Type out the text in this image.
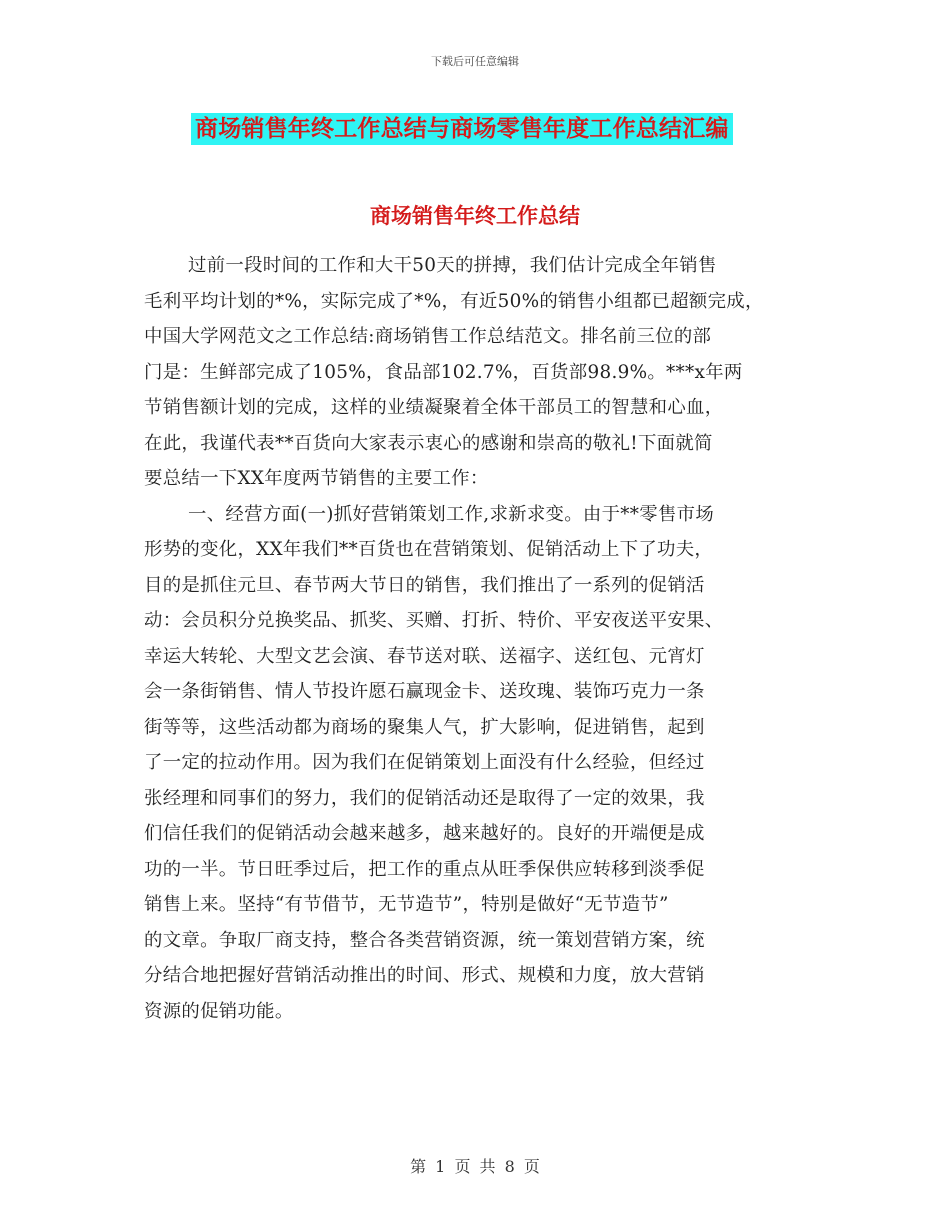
下载后可任意编辑
商场销售年终工作总结与商场零售年度工作总结汇编
商场销售年终工作总结
过前一段时间的工作和大干50天的拼搏，我们估计完成全年销售
毛利平均计划的*%，实际完成了*%，有近50%的销售小组都已超额完成，
中国大学网范文之工作总结:商场销售工作总结范文。排名前三位的部
门是：生鲜部完成了105%，食品部102.7%，百货部98.9%。***x年两
节销售额计划的完成，这样的业绩凝聚着全体干部员工的智慧和心血，
在此，我谨代表**百货向大家表示衷心的感谢和崇高的敬礼!下面就简
要总结一下XX年度两节销售的主要工作：
一、经营方面(一)抓好营销策划工作,求新求变。由于**零售市场
形势的变化，XX年我们**百货也在营销策划、促销活动上下了功夫，
目的是抓住元旦、春节两大节日的销售，我们推出了一系列的促销活
动：会员积分兑换奖品、抓奖、买赠、打折、特价、平安夜送平安果、
幸运大转轮、大型文艺会演、春节送对联、送福字、送红包、元宵灯
会一条街销售、情人节投许愿石赢现金卡、送玫瑰、装饰巧克力一条
街等等，这些活动都为商场的聚集人气，扩大影响，促进销售，起到
了一定的拉动作用。因为我们在促销策划上面没有什么经验，但经过
张经理和同事们的努力，我们的促销活动还是取得了一定的效果，我
们信任我们的促销活动会越来越多，越来越好的。良好的开端便是成
功的一半。节日旺季过后，把工作的重点从旺季保供应转移到淡季促
销售上来。坚持“有节借节，无节造节”，特别是做好“无节造节”
的文章。争取厂商支持，整合各类营销资源，统一策划营销方案，统
分结合地把握好营销活动推出的时间、形式、规模和力度，放大营销
资源的促销功能。
第 1 页 共 8 页
